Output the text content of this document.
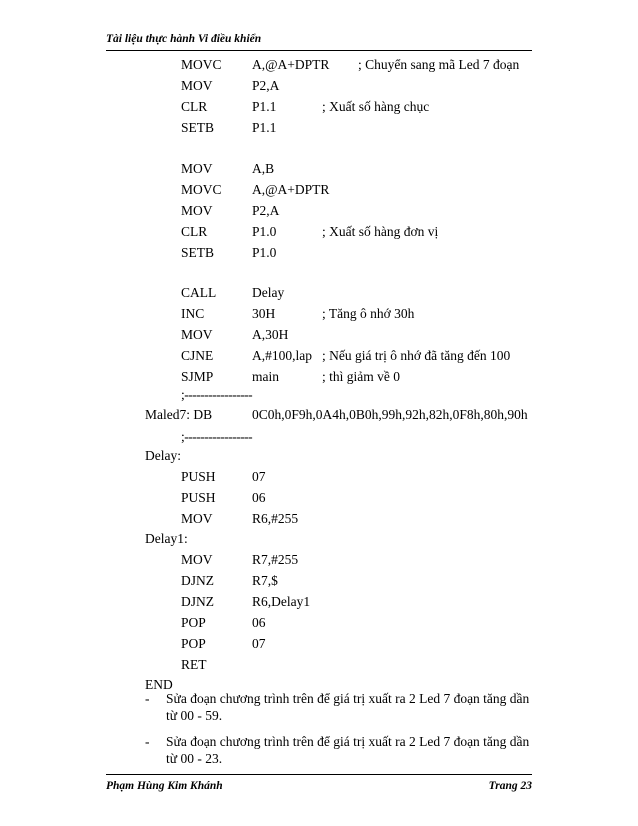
Tài liệu thực hành Vi điều khiển
MOVC A,@A+DPTR ; Chuyển sang mã Led 7 đoạn
MOV	P2,A
CLR	P1.1	; Xuất số hàng chục
SETB	P1.1
MOV	A,B
MOVC A,@A+DPTR
MOV	P2,A
CLR	P1.0	; Xuất số hàng đơn vị
SETB	P1.0
CALL	Delay
INC	30H	; Tăng ô nhớ 30h
MOV	A,30H
CJNE	A,#100,lap ; Nếu giá trị ô nhớ đã tăng đến 100
SJMP	main	; thì giảm về 0
;-----------------
Maled7: DB	0C0h,0F9h,0A4h,0B0h,99h,92h,82h,0F8h,80h,90h
;-----------------
Delay:
PUSH	07
PUSH	06
MOV	R6,#255
Delay1:
MOV	R7,#255
DJNZ	R7,$
DJNZ	R6,Delay1
POP	06
POP	07
RET
END
- Sửa đoạn chương trình trên để giá trị xuất ra 2 Led 7 đoạn tăng dần từ 00 - 59.
- Sửa đoạn chương trình trên để giá trị xuất ra 2 Led 7 đoạn tăng dần từ 00 - 23.
Phạm Hùng Kim Khánh	Trang 23
